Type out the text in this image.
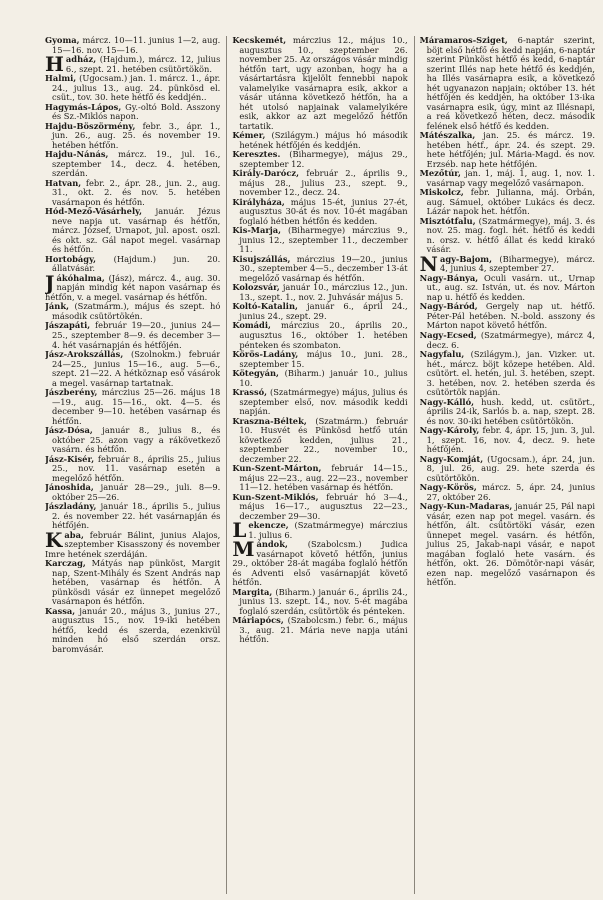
Gyoma, márcz. 10—11. junius 1—2, aug. 15—16. nov. 15—16.

Hadház, (Hajdum.), márcz. 12, julius 6., szept. 21. hetében csütörtökön.

Halmi, (Ugocsam.) jan. 1. márcz. 1., ápr. 24., julius 13., aug. 24. pünkösd el. csüt., tov. 30. hete hétfő és keddjén..

Hagymás-Lápos, Gy.-oltó Bold. Asszony és Sz.-Miklós napon.

Hajdu-Böszörmény, febr. 3., ápr. 1., jun. 26., aug. 25. és november 19. hetében hétfőn.

Hajdu-Nánás, márcz. 19., jul. 16., szeptember 14., decz. 4. hetében, szerdán.

Hatvan, febr. 2., ápr. 28., jun. 2., aug. 31., okt. 2. és nov. 5. hetében vasárnapon és hétfőn.

Hód-Mező-Vásárhely, január. Jézus neve napja ut. vasárnap és hétfőn, márcz. József, Urnapot, jul. apost. oszl. és okt. sz. Gál napot megel. vasárnap és hétfőn.

Hortobágy, (Hajdum.) jun. 20. állatvásár.

Jákóhalma, (Jász), márcz. 4., aug. 30. napján mindig két napon vasárnap és hétfőn, v. a megel. vasárnap és hétfőn.

Jánk, (Szatmárm.), május és szept. hó második csütörtökén.

Jászapáti, február 19—20., junius 24—25., szeptember 8—9. és december 3—4. hét vasárnapján és hétfőjén.

Jász-Arokszállás, (Szolnokm.) február 24—25., junius 15—16., aug. 5—6., szept. 21—22. A hétköznap eső vásárok a megel. vasárnap tartatnak.

Jászberény, márczius 25—26. május 18—19., aug. 15—16., okt. 4—5. és december 9—10. hetében vasárnap és hétfőn.

Jász-Dósa, január 8., julius 8., és október 25. azon vagy a rákövetkező vasárn. és hétfőn.

Jász-Kisér, február 8., április 25., julius 25., nov. 11. vasárnap esetén a megelőző hétfőn.

Jánoshida, január 28—29., juli. 8—9. október 25—26.

Jászladány, január 18., április 5., julius 2. és november 22. hét vasárnapján és hétfőjén.

Kaba, február Bálint, junius Alajos, szeptember Kisasszony és november Imre hetének szerdáján.

Karczag, Mátyás nap pünköst, Margit nap, Szent-Mihály és Szent András nap hetében, vasárnap és hétfőn. A pünkösdi vásár ez ünnepet megelőző vasárnapon és hétfőn.

Kassa, január 20., május 3., junius 27., augusztus 15., nov. 19-iki hetében hétfő, kedd és szerda, ezenkivül minden hó első szerdán orsz. baromvásár.

Kecskemét, márczius 12., május 10., augusztus 10., szeptember 26. november 25. Az országos vásár mindig hétfőn tart, ugy azonban, hogy ha a vásártartásra kijelölt fennebbi napok valamelyike vasárnapra esik, akkor a vásár utánna következő hétfőn, ha a hét utolsó napjainak valamelyikére esik, akkor az azt megelőző hétfőn tartatik.

Kémer, (Szilágym.) május hó második hetének hétfőjén és keddjén.

Keresztes. (Biharmegye), május 29., szeptember 12.

Király-Darócz, február 2., április 9., május 28., julius 23., szept. 9., november 12., decz. 24.

Királyháza, május 15-ét, junius 27-ét, augusztus 30-át és nov. 10-ét magában foglaló hétben hétfőn és kedden.

Kis-Marja, (Biharmegye) márczius 9., junius 12., szeptember 11., deczember 11.

Kisujszállás, márczius 19—20., junius 30., szeptember 4—5., deczember 13-át megelőző vasárnap és hétfőn.

Kolozsvár, január 10., márczius 12., jun. 13., szept. 1., nov. 2. Juhvásár május 5.

Koltó-Katalin, január 6., ápril 24., junius 24., szept. 29.

Komádi, márczius 20., április 20., augusztus 16., október 1. hetében pénteken és szombaton.

Körös-Ladány, május 10., juni. 28., szeptember 15.

Kötegyán, (Biharm.) január 10., julius 10.

Krassó, (Szatmármegye) május, julius és szeptember első, nov. második keddi napján.

Kraszna-Béltek, (Szatmárm.) február 10. Husvét és Pünkösd hetfő után következő kedden, julius 21., szeptember 22., november 10., deczember 22.

Kun-Szent-Márton, február 14—15., május 22—23., aug. 22—23., november 11—12. hetében vasárnap és hétfőn.

Kun-Szent-Miklós, február hó 3—4., május 16—17., augusztus 22—23., deczember 29—30.

Lekencze, (Szatmármegye) márczius 1. julius 6.

Mándok, (Szabolcsm.) Judica vasárnapot követő hétfőn, junius 29., október 28-át magába foglaló hétfőn és Adventi első vasárnapját követő hétfőn.

Margita, (Biharm.) január 6., április 24., junius 13. szept. 14., nov. 5-ét magába foglaló szerdán, csütörtök és pénteken.

Máriapócs, (Szabolcsm.) febr. 6., május 3., aug. 21. Mária neve napja utáni hétfőn.

Máramaros-Sziget, 6-naptár szerint, böjt első hétfő és kedd napján, 6-naptár szerint Pünköst hétfő és kedd, 6-naptár szerint Illés nap hete hétfő és keddjén, ha Illés vasárnapra esik, a következő hét ugyanazon napjain; október 13. hét hétfőjén és keddjén, ha október 13-ika vasárnapra esik, úgy, mint az Illésnapi, a reá következő héten, decz. második felének első hétfő és kedden.

Mátészalka, jan. 25. és márcz. 19. hetében hétf., ápr. 24. és szept. 29. hete hétfőjén; jul. Mária-Magd. és nov. Erzséb. nap hete hétfőjén.

Mezőtúr, jan. 1, máj. 1, aug. 1, nov. 1. vasárnap vagy megelőző vasárnapon.

Miskolcz, febr. Julianna, máj. Orbán, aug. Sámuel, október Lukács és decz. Lázár napok het. hétfőn.

Misztótfalu, (Szatmármegye), máj. 3. és nov. 25. mag. fogl. hét. hétfő és keddi n. orsz. v. hétfő állat és kedd kirakó vásár.

Nagy-Bajom, (Biharmegye), márcz. 4, junius 4, szeptember 27.

Nagy-Bánya, Oculi vasárn. ut., Urnap ut., aug. sz. István, ut. és nov. Márton nap u. hétfő és kedden.

Nagy-Báród, Gergely nap ut. hétfő. Péter-Pál hetében. N.-bold. asszony és Márton napot követő hétfőn.

Nagy-Ecsed, (Szatmármegye), márcz 4, decz. 6.

Nagyfalu, (Szilágym.), jan. Vizker. ut. hét., márcz. böjt közepe hetében. Ald. csütört. el. hetén, jul. 3. hetében, szept. 3. hetében, nov. 2. hetében szerda és csütörtök napján.

Nagy-Kálló, hush. kedd, ut. csütört., április 24-ik, Sarlós b. a. nap, szept. 28. és nov. 30-iki hetében csütörtökön.

Nagy-Károly, febr. 4, ápr. 15, jun. 3, jul. 1, szept. 16, nov. 4, decz. 9. hete hétfőjén.

Nagy-Komját, (Ugocsam.), ápr. 24, jun. 8, jul. 26, aug. 29. hete szerda és csütörtökön.

Nagy-Körös, márcz. 5, ápr. 24, junius 27, október 26.

Nagy-Kun-Madaras, január 25, Pál napi vásár, ezen nap pot megel. vasárn. és hétfőn, ált. csütörtöki vásár, ezen ünnepet megel. vasárn. és hétfőn, julius 25, Jakab-napi vásár, e napot magában foglaló hete vasárn. és hétfőn, okt. 26. Dömötör-napi vásár, ezen nap. megelőző vasárnapon és hétfőn.
